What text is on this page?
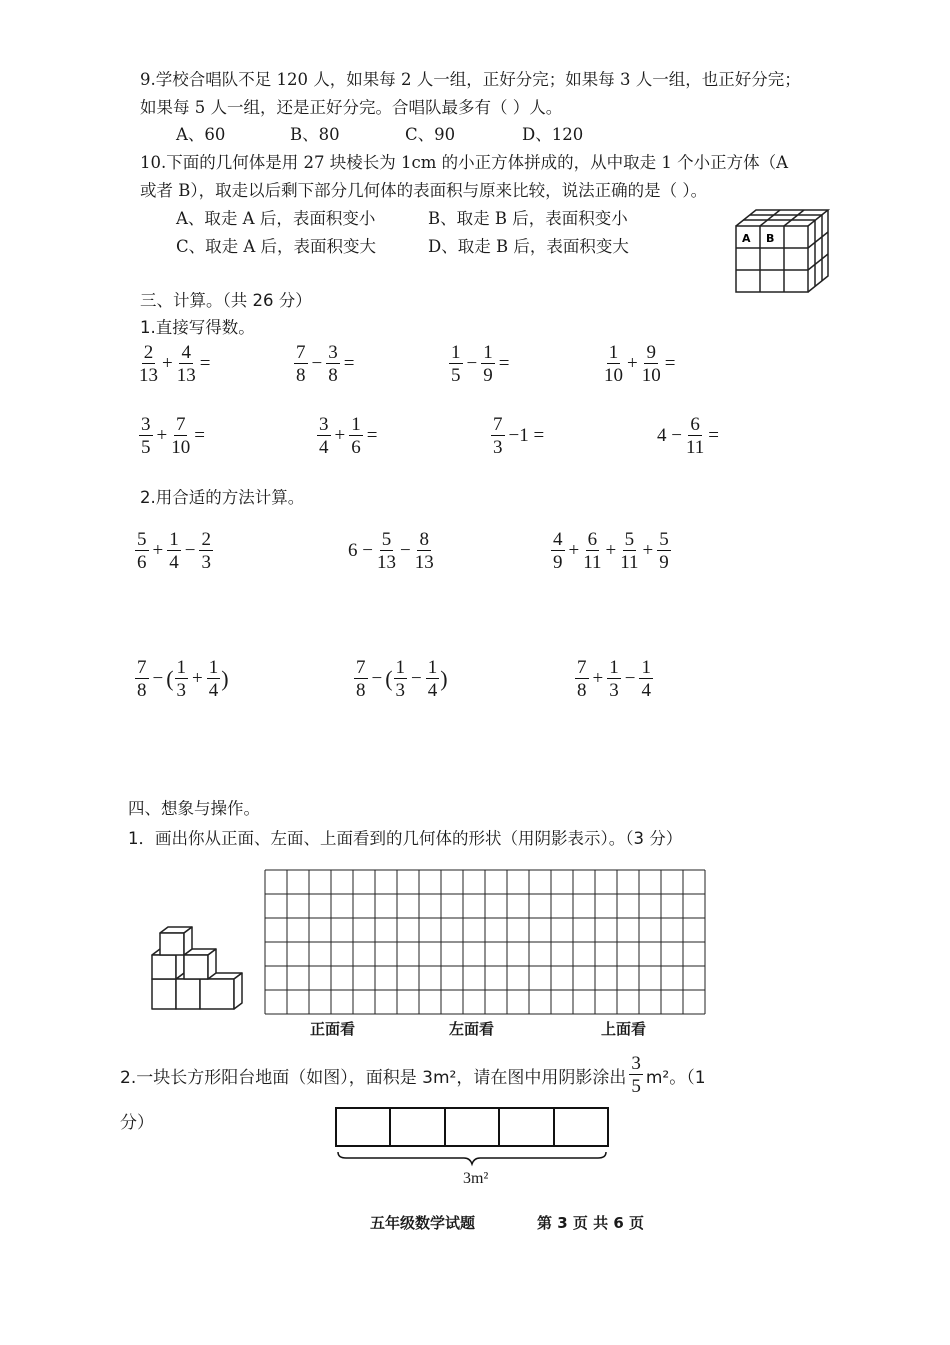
9.学校合唱队不足 120 人，如果每 2 人一组，正好分完；如果每 3 人一组，也正好分完；
如果每 5 人一组，还是正好分完。合唱队最多有（ ）人。
A、60	B、80	C、90	D、120
10.下面的几何体是用 27 块棱长为 1cm 的小正方体拼成的，从中取走 1 个小正方体（A
或者 B），取走以后剩下部分几何体的表面积与原来比较，说法正确的是（ ）。
A、取走 A 后，表面积变小	B、取走 B 后，表面积变小
C、取走 A 后，表面积变大	D、取走 B 后，表面积变大	A B
三、计算。（共 26 分）
1.直接写得数。
$\frac{2}{13} + \frac{4}{13}$ =	$\frac{7}{8} - \frac{3}{8}$ =	$\frac{1}{5} - \frac{1}{9}$ =	$\frac{1}{10} + \frac{9}{10}$ =
$\frac{3}{5} + \frac{7}{10}$ =	$\frac{3}{4} + \frac{1}{6}$ =	$\frac{7}{3} -1$ =	$4 - \frac{6}{11}$ =
2.用合适的方法计算。
$\frac{5}{6} + \frac{1}{4} - \frac{2}{3}$	$6 - \frac{5}{13} - \frac{8}{13}$	$\frac{4}{9} + \frac{6}{11} + \frac{5}{11} + \frac{5}{9}$
$\frac{7}{8}$ − ( $\frac{1}{3} + \frac{1}{4}$ )	$\frac{7}{8}$ − ( $\frac{1}{3} - \frac{1}{4}$ )	$\frac{7}{8} + \frac{1}{3} - \frac{1}{4}$
四、想象与操作。
1．画出你从正面、左面、上面看到的几何体的形状（用阴影表示）。（3 分）
正面看	左面看	上面看
2.一块长方形阳台地面（如图），面积是 3m²，请在图中用阴影涂出 $\frac{3}{5} m^2$。（1
分）
3m²
五年级数学试题	第 3 页 共 6 页
